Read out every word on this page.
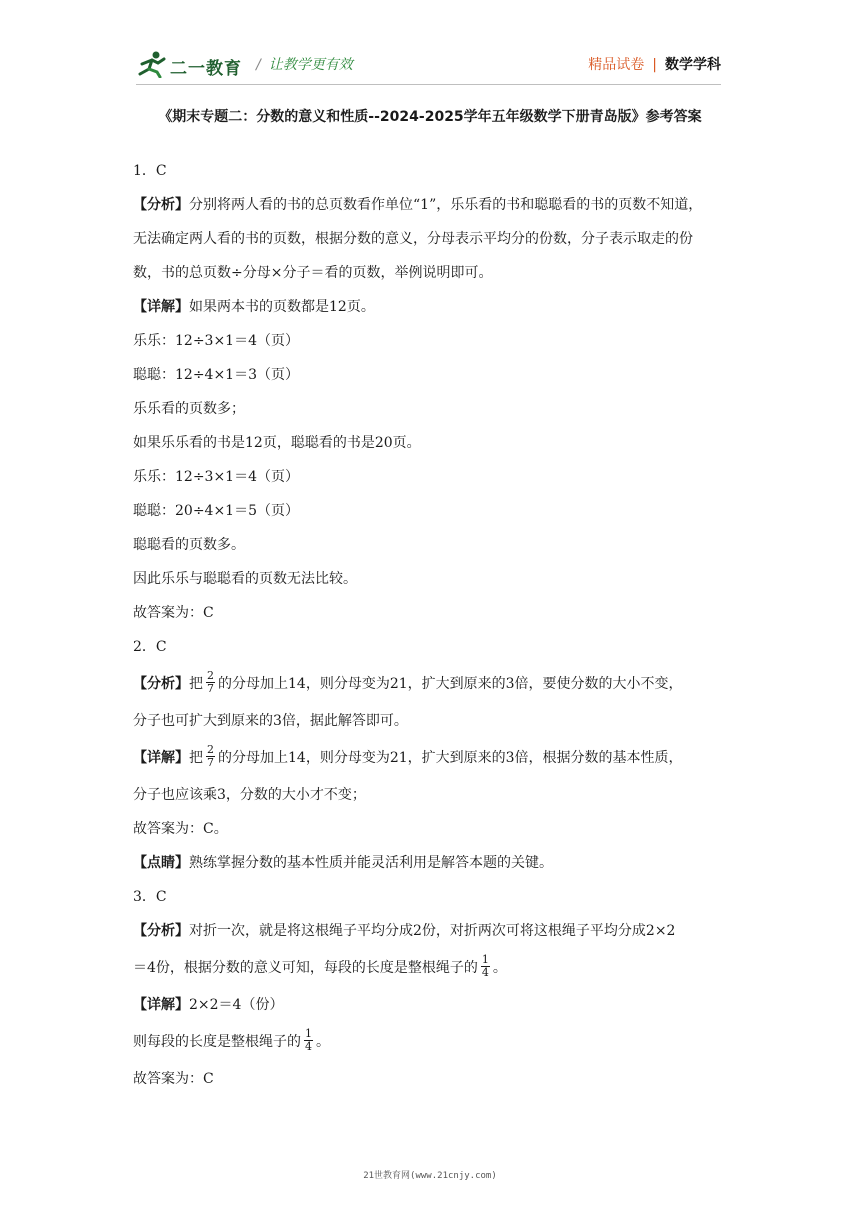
二一教育 / 让教学更有效	精品试卷 | 数学学科
《期末专题二：分数的意义和性质--2024-2025学年五年级数学下册青岛版》参考答案

1．C

【分析】分别将两人看的书的总页数看作单位“1”，乐乐看的书和聪聪看的书的页数不知道，

无法确定两人看的书的页数，根据分数的意义，分母表示平均分的份数，分子表示取走的份

数，书的总页数÷分母×分子＝看的页数，举例说明即可。

【详解】如果两本书的页数都是12页。

乐乐：12÷3×1＝4（页）

聪聪：12÷4×1＝3（页）

乐乐看的页数多；

如果乐乐看的书是12页，聪聪看的书是20页。

乐乐：12÷3×1＝4（页）

聪聪：20÷4×1＝5（页）

聪聪看的页数多。

因此乐乐与聪聪看的页数无法比较。

故答案为：C

2．C

【分析】把 $\frac{2}{7}$ 的分母加上14，则分母变为21，扩大到原来的3倍，要使分数的大小不变，

分子也可扩大到原来的3倍，据此解答即可。

【详解】把 $\frac{2}{7}$ 的分母加上14，则分母变为21，扩大到原来的3倍，根据分数的基本性质，

分子也应该乘3，分数的大小才不变；

故答案为：C。

【点睛】熟练掌握分数的基本性质并能灵活利用是解答本题的关键。

3．C

【分析】对折一次，就是将这根绳子平均分成2份，对折两次可将这根绳子平均分成2×2

＝4份，根据分数的意义可知，每段的长度是整根绳子的 $\frac{1}{4}$ 。

【详解】2×2＝4（份）

则每段的长度是整根绳子的 $\frac{1}{4}$ 。

故答案为：C

21世教育网(www.21cnjy.com)
